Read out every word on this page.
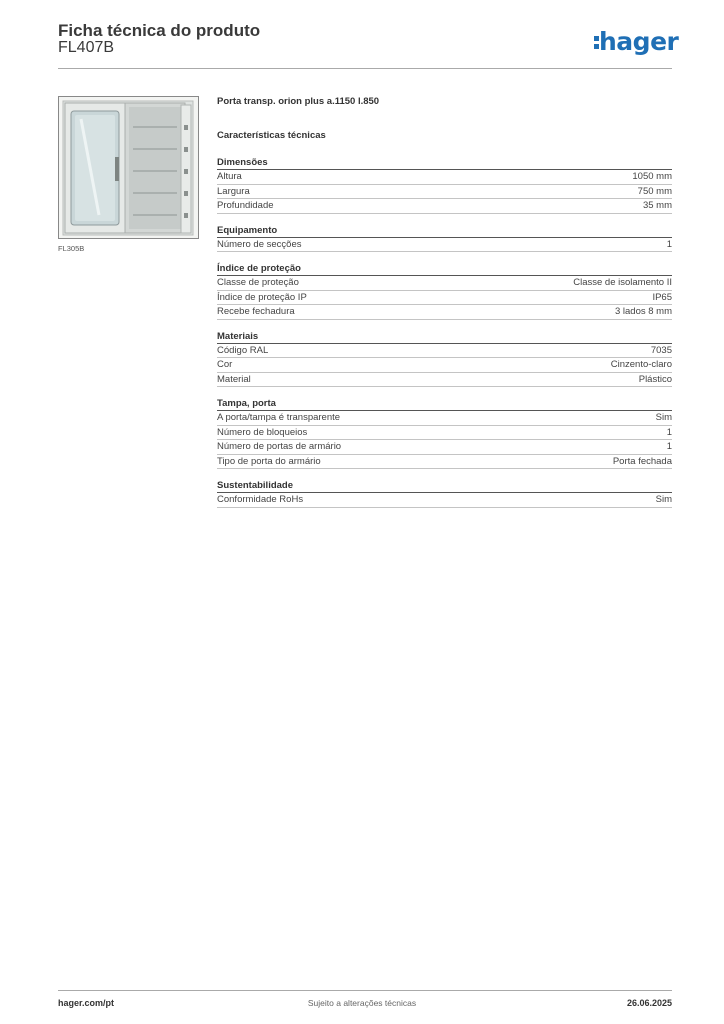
Ficha técnica do produto
FL407B	hager
FL305B
Porta transp. orion plus a.1150 l.850
Características técnicas
Dimensões
Altura	1050 mm
Largura	750 mm
Profundidade	35 mm
Equipamento
Número de secções	1
Índice de proteção
Classe de proteção	Classe de isolamento II
Índice de proteção IP	IP65
Recebe fechadura	3 lados 8 mm
Materiais
Código RAL	7035
Cor	Cinzento-claro
Material	Plástico
Tampa, porta
A porta/tampa é transparente	Sim
Número de bloqueios	1
Número de portas de armário	1
Tipo de porta do armário	Porta fechada
Sustentabilidade
Conformidade RoHs	Sim
hager.com/pt	Sujeito a alterações técnicas	26.06.2025
